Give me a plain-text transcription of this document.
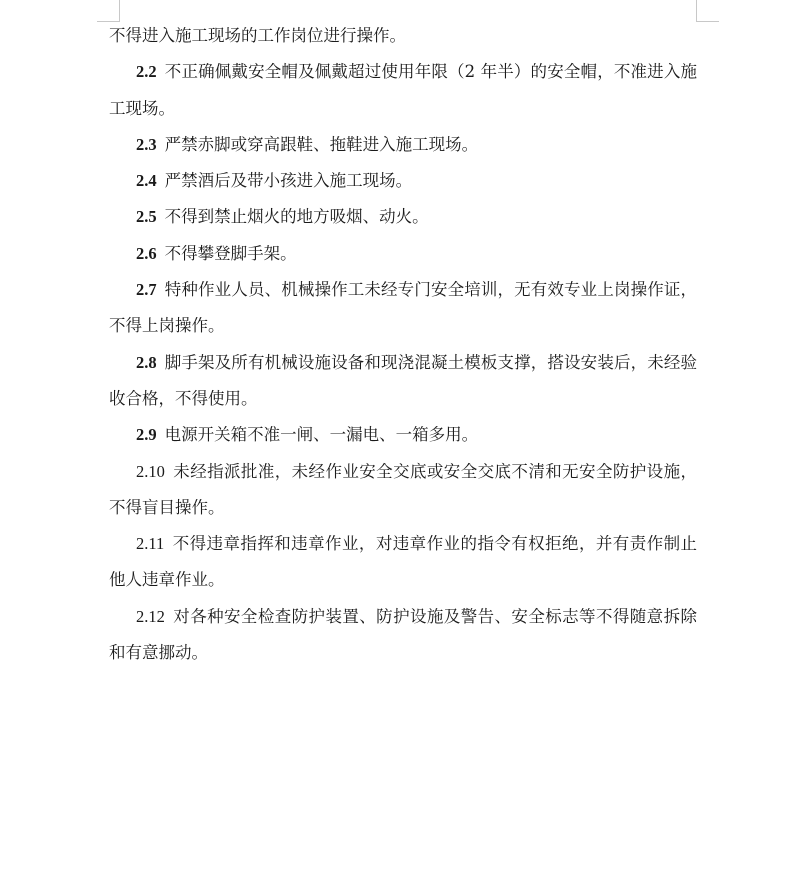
不得进入施工现场的工作岗位进行操作。

2.2 不正确佩戴安全帽及佩戴超过使用年限（2 年半）的安全帽，不准进入施工现场。

2.3 严禁赤脚或穿高跟鞋、拖鞋进入施工现场。

2.4 严禁酒后及带小孩进入施工现场。

2.5 不得到禁止烟火的地方吸烟、动火。

2.6 不得攀登脚手架。

2.7 特种作业人员、机械操作工未经专门安全培训，无有效专业上岗操作证，不得上岗操作。

2.8 脚手架及所有机械设施设备和现浇混凝土模板支撑，搭设安装后，未经验收合格，不得使用。

2.9 电源开关箱不准一闸、一漏电、一箱多用。

2.10 未经指派批准，未经作业安全交底或安全交底不清和无安全防护设施，不得盲目操作。

2.11 不得违章指挥和违章作业，对违章作业的指令有权拒绝，并有责作制止他人违章作业。

2.12 对各种安全检查防护装置、防护设施及警告、安全标志等不得随意拆除和有意挪动。
